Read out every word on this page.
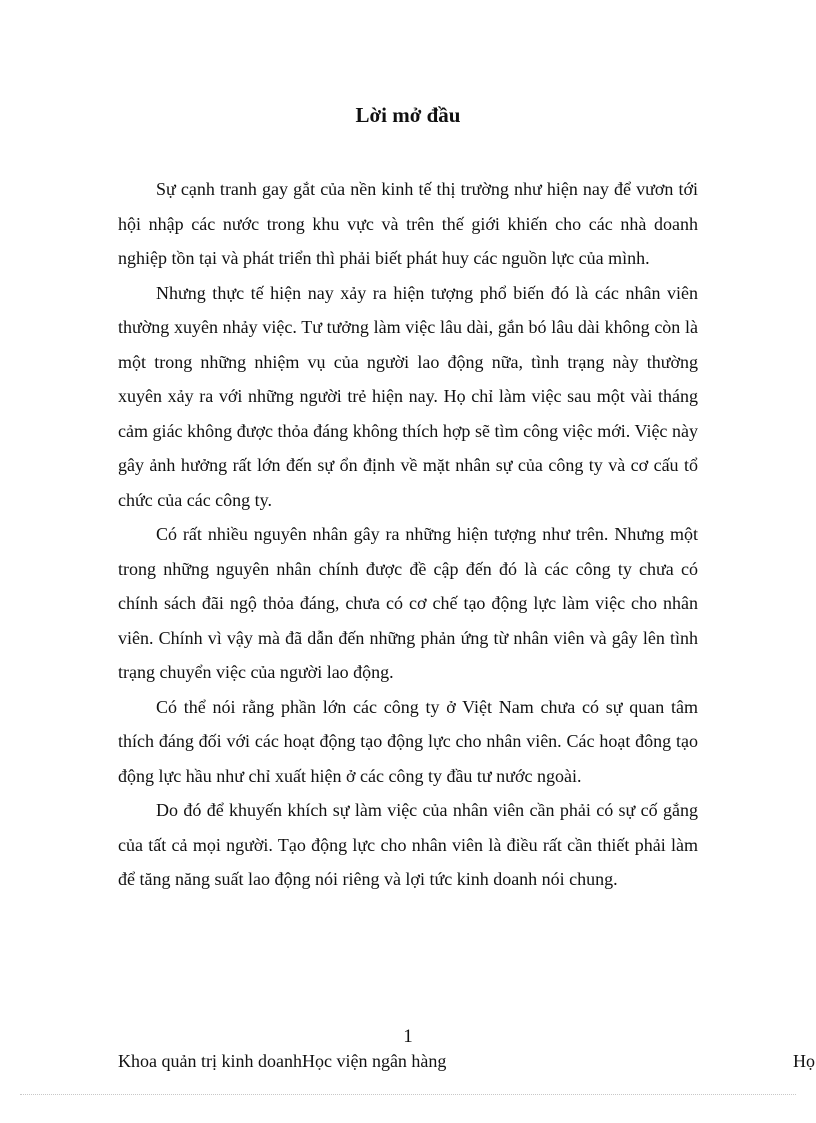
Lời mở đầu

Sự cạnh tranh gay gắt của nền kinh tế thị trường như hiện nay để vươn tới hội nhập các nước trong khu vực và trên thế giới khiến cho các nhà doanh nghiệp tồn tại và phát triển thì phải biết phát huy các nguồn lực của mình.

Nhưng thực tế hiện nay xảy ra hiện tượng phổ biến đó là các nhân viên thường xuyên nhảy việc. Tư tưởng làm việc lâu dài, gắn bó lâu dài không còn là một trong những nhiệm vụ của người lao động nữa, tình trạng này thường xuyên xảy ra với những người trẻ hiện nay. Họ chỉ làm việc sau một vài tháng cảm giác không được thỏa đáng không thích hợp sẽ tìm công việc mới. Việc này gây ảnh hưởng rất lớn đến sự ổn định về mặt nhân sự của công ty và cơ cấu tổ chức của các công ty.

Có rất nhiều nguyên nhân gây ra những hiện tượng như trên. Nhưng một trong những nguyên nhân chính được đề cập đến đó là các công ty chưa có chính sách đãi ngộ thỏa đáng, chưa có cơ chế tạo động lực làm việc cho nhân viên. Chính vì vậy mà đã dẫn đến những phản ứng từ nhân viên và gây lên tình trạng chuyển việc của người lao động.

Có thể nói rằng phần lớn các công ty ở Việt Nam chưa có sự quan tâm thích đáng đối với các hoạt động tạo động lực cho nhân viên. Các hoạt đông tạo động lực hầu như chỉ xuất hiện ở các công ty đầu tư nước ngoài.

Do đó để khuyến khích sự làm việc của nhân viên cần phải có sự cố gắng của tất cả mọi người. Tạo động lực cho nhân viên là điều rất cần thiết phải làm để tăng năng suất lao động nói riêng và lợi tức kinh doanh nói chung.

1
Khoa quản trị kinh doanhHọc viện ngân hàng	Họ
